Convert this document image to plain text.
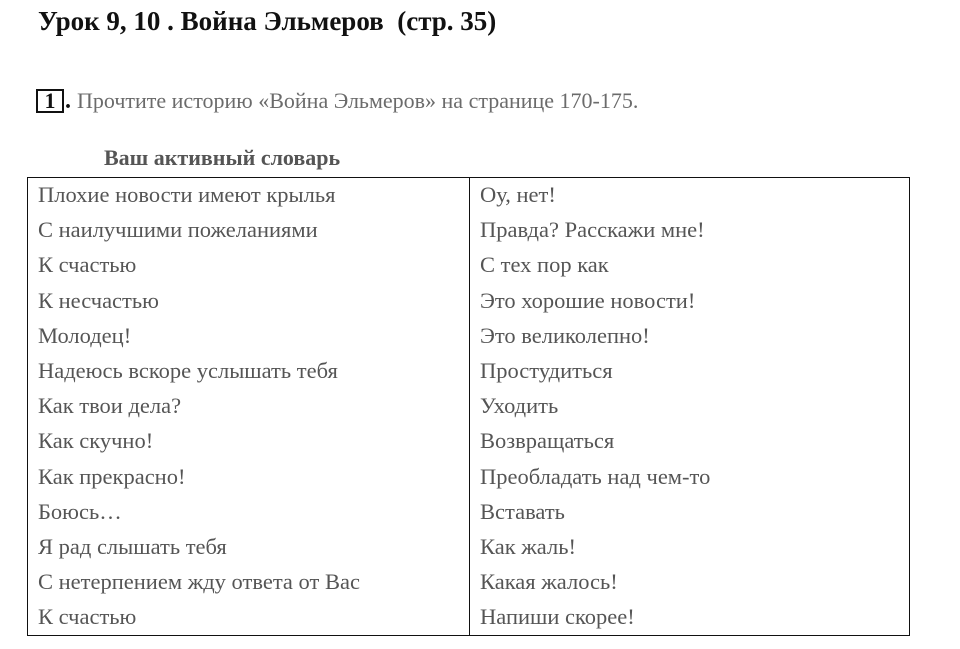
Урок 9, 10 . Война Эльмеров  (стр. 35)
1 . Прочтите историю «Война Эльмеров» на странице 170-175.
Ваш активный словарь
Плохие новости имеют крылья
С наилучшими пожеланиями
К счастью
К несчастью
Молодец!
Надеюсь вскоре услышать тебя
Как твои дела?
Как скучно!
Как прекрасно!
Боюсь…
Я рад слышать тебя
С нетерпением жду ответа от Вас
К счастью
Оу, нет!
Правда? Расскажи мне!
С тех пор как
Это хорошие новости!
Это великолепно!
Простудиться
Уходить
Возвращаться
Преобладать над чем-то
Вставать
Как жаль!
Какая жалось!
Напиши скорее!
